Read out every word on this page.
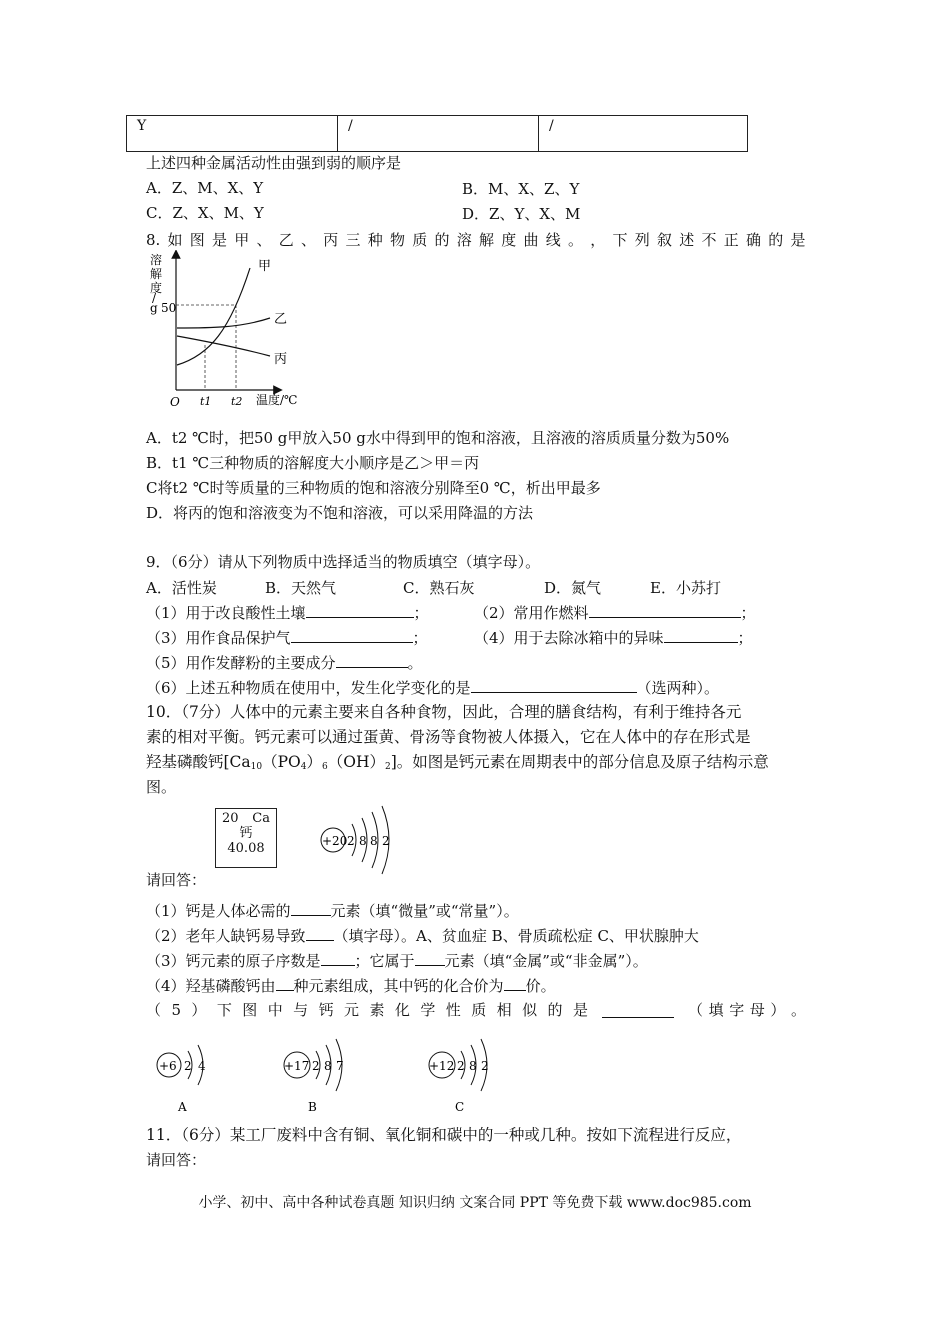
Y	/	/
上述四种金属活动性由强到弱的顺序是
A．Z、M、X、Y	B．M、X、Z、Y
C．Z、X、M、Y	D．Z、Y、X、M
8. 如 图 是 甲 、 乙 、 丙 三 种 物 质 的 溶 解 度 曲 线 。 ， 下 列 叙 述 不 正 确 的 是
溶
解
度
/
g 50
甲
乙
丙
O t1 t2 温度/℃
A．t2 ℃时，把50 g甲放入50 g水中得到甲的饱和溶液，且溶液的溶质质量分数为50%
B．t1 ℃三种物质的溶解度大小顺序是乙＞甲＝丙
C将t2 ℃时等质量的三种物质的饱和溶液分别降至0 ℃，析出甲最多
D．将丙的饱和溶液变为不饱和溶液，可以采用降温的方法
9．（6分）请从下列物质中选择适当的物质填空（填字母）。
A．活性炭	B．天然气	C．熟石灰	D．氮气	E．小苏打
（1）用于改良酸性土壤	；	（2）常用作燃料	；
（3）用作食品保护气	；	（4）用于去除冰箱中的异味	；
（5）用作发酵粉的主要成分	。
（6）上述五种物质在使用中，发生化学变化的是	（选两种）。
10．（7分）人体中的元素主要来自各种食物，因此，合理的膳食结构，有利于维持各元
素的相对平衡。钙元素可以通过蛋黄、骨汤等食物被人体摄入，它在人体中的存在形式是
羟基磷酸钙$[Ca_{10}(PO_4)_6(OH)_2]$。如图是钙元素在周期表中的部分信息及原子结构示意
图。
20 Ca
钙
40.08	+20 2 8 8 2
请回答：
（1）钙是人体必需的	元素（填“微量”或“常量”）。
（2）老年人缺钙易导致 （填字母）。A、贫血症 B、骨质疏松症 C、甲状腺肿大
（3）钙元素的原子序数是 ；它属于 元素（填“金属”或“非金属”）。
（4）羟基磷酸钙由 种元素组成，其中钙的化合价为 价。
（ 5 ） 下 图 中 与 钙 元 素 化 学 性 质 相 似 的 是	（ 填 字 母 ） 。
+6 2 4
A
+17 2 8 7
B
+12 2 8 2
C
11．（6分）某工厂废料中含有铜、氧化铜和碳中的一种或几种。按如下流程进行反应，
请回答：
小学、初中、高中各种试卷真题 知识归纳 文案合同 PPT 等免费下载 www.doc985.com
